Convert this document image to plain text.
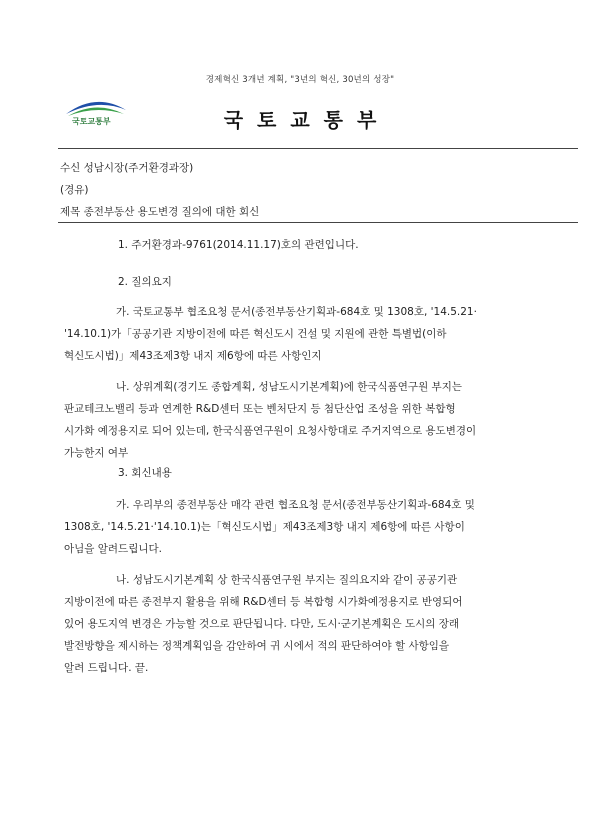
경제혁신 3개년 계획, "3년의 혁신, 30년의 성장"
국토교통부	국토교통부
수신 성남시장(주거환경과장)
(경유)
제목 종전부동산 용도변경 질의에 대한 회신
1. 주거환경과-9761(2014.11.17)호의 관련입니다.
2. 질의요지
가. 국토교통부 협조요청 문서(종전부동산기획과-684호 및 1308호, '14.5.21·
'14.10.1)가「공공기관 지방이전에 따른 혁신도시 건설 및 지원에 관한 특별법(이하
혁신도시법)」제43조제3항 내지 제6항에 따른 사항인지
나. 상위계획(경기도 종합계획, 성남도시기본계획)에 한국식품연구원 부지는
판교테크노밸리 등과 연계한 R&D센터 또는 벤처단지 등 첨단산업 조성을 위한 복합형
시가화 예정용지로 되어 있는데, 한국식품연구원이 요청사항대로 주거지역으로 용도변경이
가능한지 여부
3. 회신내용
가. 우리부의 종전부동산 매각 관련 협조요청 문서(종전부동산기획과-684호 및
1308호, '14.5.21·'14.10.1)는「혁신도시법」제43조제3항 내지 제6항에 따른 사항이
아님을 알려드립니다.
나. 성남도시기본계획 상 한국식품연구원 부지는 질의요지와 같이 공공기관
지방이전에 따른 종전부지 활용을 위해 R&D센터 등 복합형 시가화예정용지로 반영되어
있어 용도지역 변경은 가능할 것으로 판단됩니다. 다만, 도시·군기본계획은 도시의 장래
발전방향을 제시하는 정책계획임을 감안하여 귀 시에서 적의 판단하여야 할 사항임을
알려 드립니다. 끝.
